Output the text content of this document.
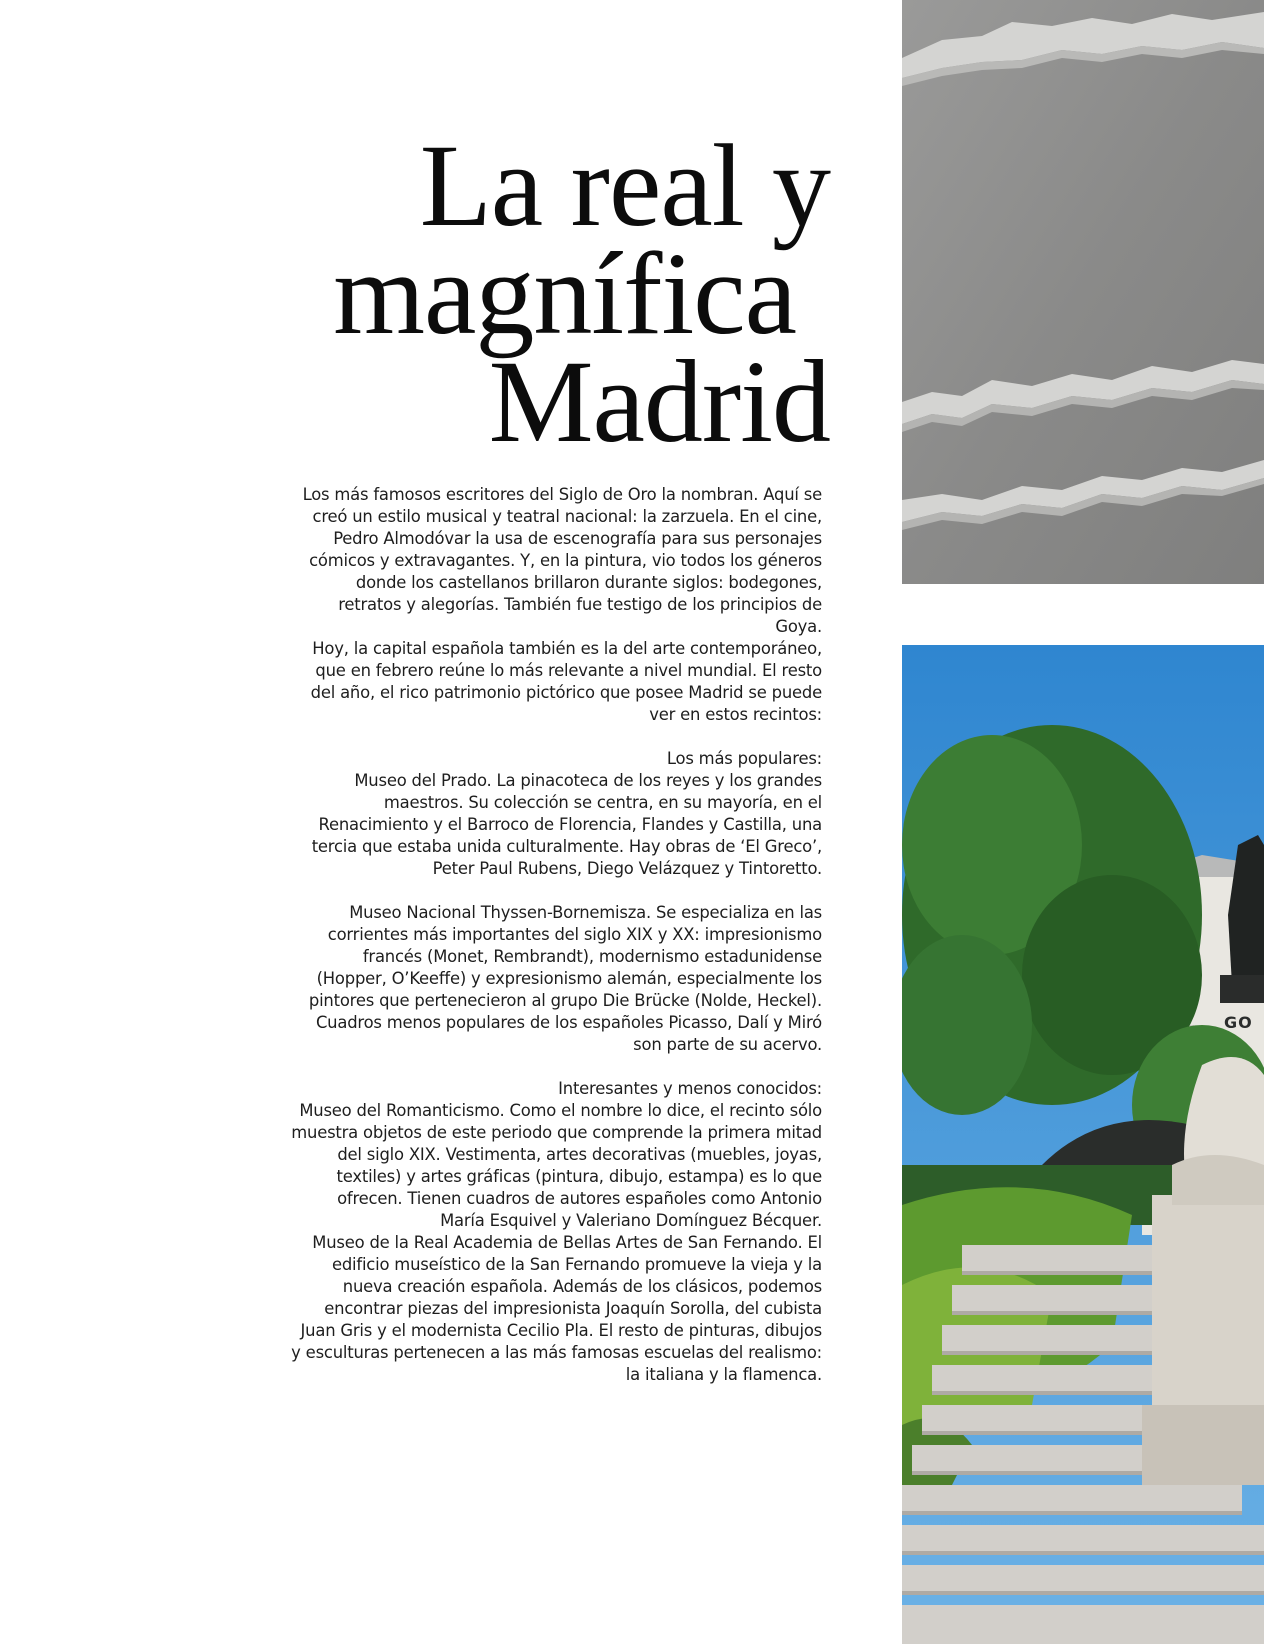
La real y
magnífica
Madrid

Los más famosos escritores del Siglo de Oro la nombran. Aquí se creó un estilo musical y teatral nacional: la zarzuela. En el cine, Pedro Almodóvar la usa de escenografía para sus personajes cómicos y extravagantes. Y, en la pintura, vio todos los géneros donde los castellanos brillaron durante siglos: bodegones, retratos y alegorías. También fue testigo de los principios de Goya.

Hoy, la capital española también es la del arte contemporáneo, que en febrero reúne lo más relevante a nivel mundial. El resto del año, el rico patrimonio pictórico que posee Madrid se puede ver en estos recintos:

Los más populares:

Museo del Prado. La pinacoteca de los reyes y los grandes maestros. Su colección se centra, en su mayoría, en el Renacimiento y el Barroco de Florencia, Flandes y Castilla, una tercia que estaba unida culturalmente. Hay obras de ‘El Greco’, Peter Paul Rubens, Diego Velázquez y Tintoretto.

Museo Nacional Thyssen-Bornemisza. Se especializa en las corrientes más importantes del siglo XIX y XX: impresionismo francés (Monet, Rembrandt), modernismo estadunidense (Hopper, O’Keeffe) y expresionismo alemán, especialmente los pintores que pertenecieron al grupo Die Brücke (Nolde, Heckel). Cuadros menos populares de los españoles Picasso, Dalí y Miró son parte de su acervo.

Interesantes y menos conocidos:

Museo del Romanticismo. Como el nombre lo dice, el recinto sólo muestra objetos de este periodo que comprende la primera mitad del siglo XIX. Vestimenta, artes decorativas (muebles, joyas, textiles) y artes gráficas (pintura, dibujo, estampa) es lo que ofrecen. Tienen cuadros de autores españoles como Antonio María Esquivel y Valeriano Domínguez Bécquer.

Museo de la Real Academia de Bellas Artes de San Fernando. El edificio museístico de la San Fernando promueve la vieja y la nueva creación española. Además de los clásicos, podemos encontrar piezas del impresionista Joaquín Sorolla, del cubista Juan Gris y el modernista Cecilio Pla. El resto de pinturas, dibujos y esculturas pertenecen a las más famosas escuelas del realismo: la italiana y la flamenca.

GO
